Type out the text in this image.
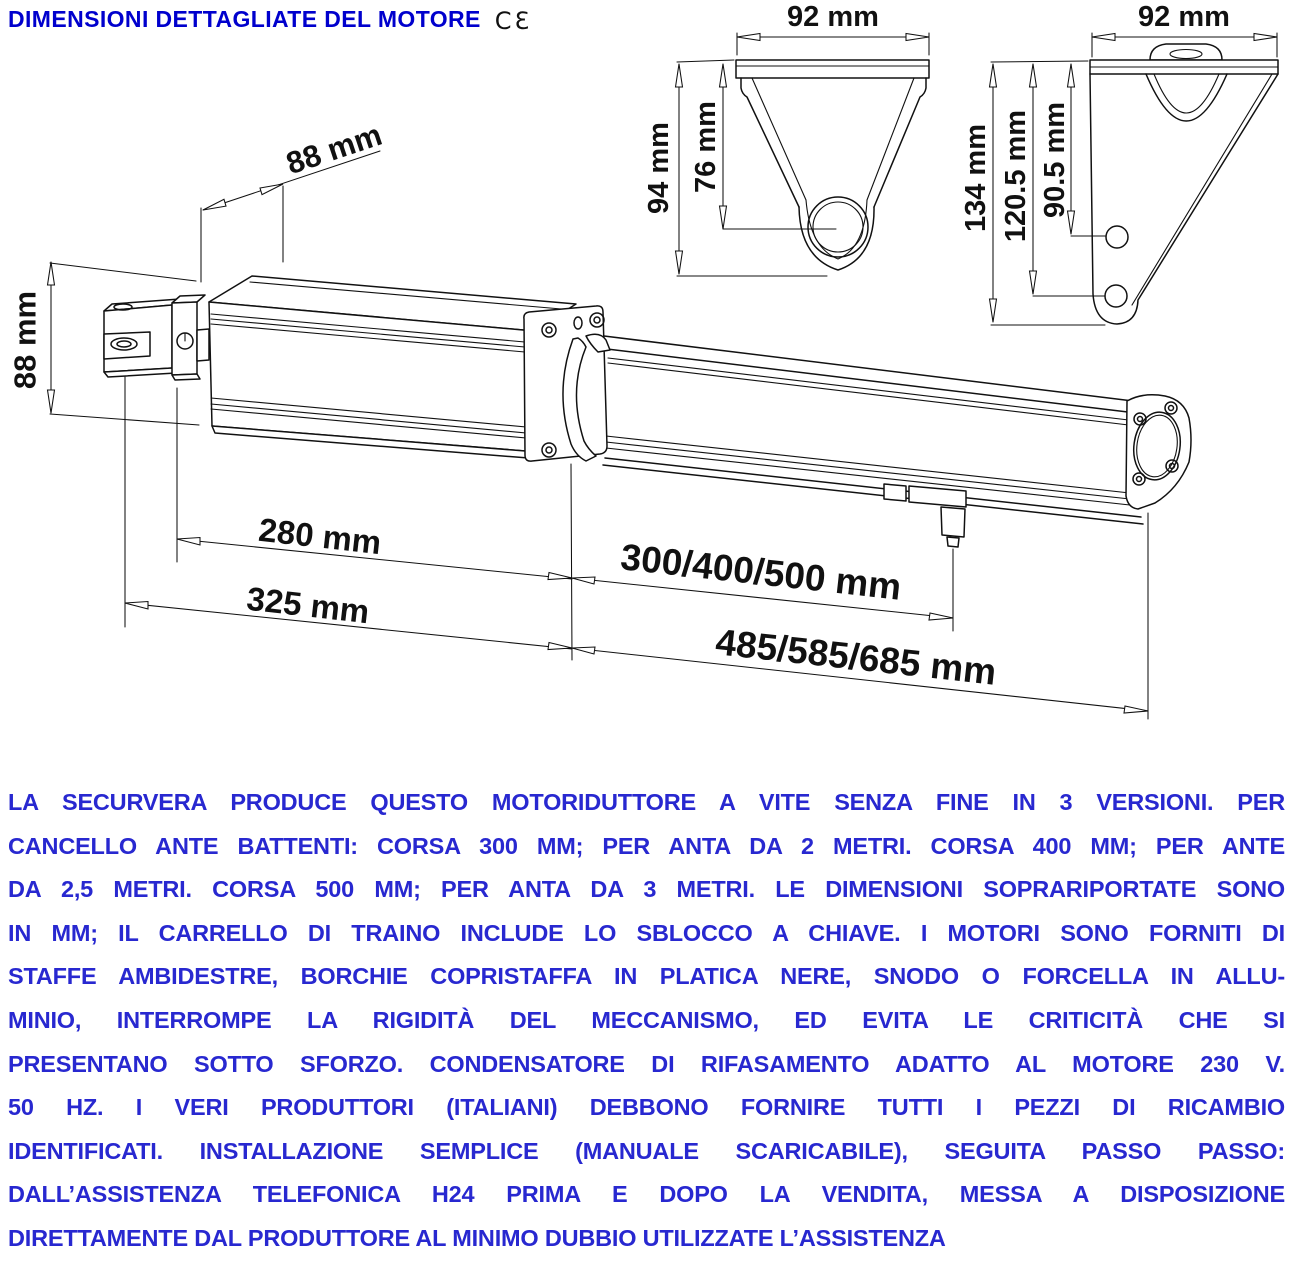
88 mm
88 mm
280 mm
325 mm	300/400/500 mm
485/585/685 mm
92 mm
94 mm 76 mm
92 mm
134 mm 120.5 mm 90.5 mm
DIMENSIONI DETTAGLIATE DEL MOTORE CƐ
LA SECURVERA PRODUCE QUESTO MOTORIDUTTORE A VITE SENZA FINE IN 3 VERSIONI. PER
CANCELLO ANTE BATTENTI: CORSA 300 MM; PER ANTA DA 2 METRI. CORSA 400 MM; PER ANTE
DA 2,5 METRI. CORSA 500 MM; PER ANTA DA 3 METRI. LE DIMENSIONI SOPRARIPORTATE SONO
IN MM; IL CARRELLO DI TRAINO INCLUDE LO SBLOCCO A CHIAVE. I MOTORI SONO FORNITI DI
STAFFE AMBIDESTRE, BORCHIE COPRISTAFFA IN PLATICA NERE, SNODO O FORCELLA IN ALLU-
MINIO, INTERROMPE LA RIGIDITÀ DEL MECCANISMO, ED EVITA LE CRITICITÀ CHE SI
PRESENTANO SOTTO SFORZO. CONDENSATORE DI RIFASAMENTO ADATTO AL MOTORE 230 V.
50 HZ. I VERI PRODUTTORI (ITALIANI) DEBBONO FORNIRE TUTTI I PEZZI DI RICAMBIO
IDENTIFICATI. INSTALLAZIONE SEMPLICE (MANUALE SCARICABILE), SEGUITA PASSO PASSO:
DALL’ASSISTENZA TELEFONICA H24 PRIMA E DOPO LA VENDITA, MESSA A DISPOSIZIONE
DIRETTAMENTE DAL PRODUTTORE AL MINIMO DUBBIO UTILIZZATE L’ASSISTENZA
